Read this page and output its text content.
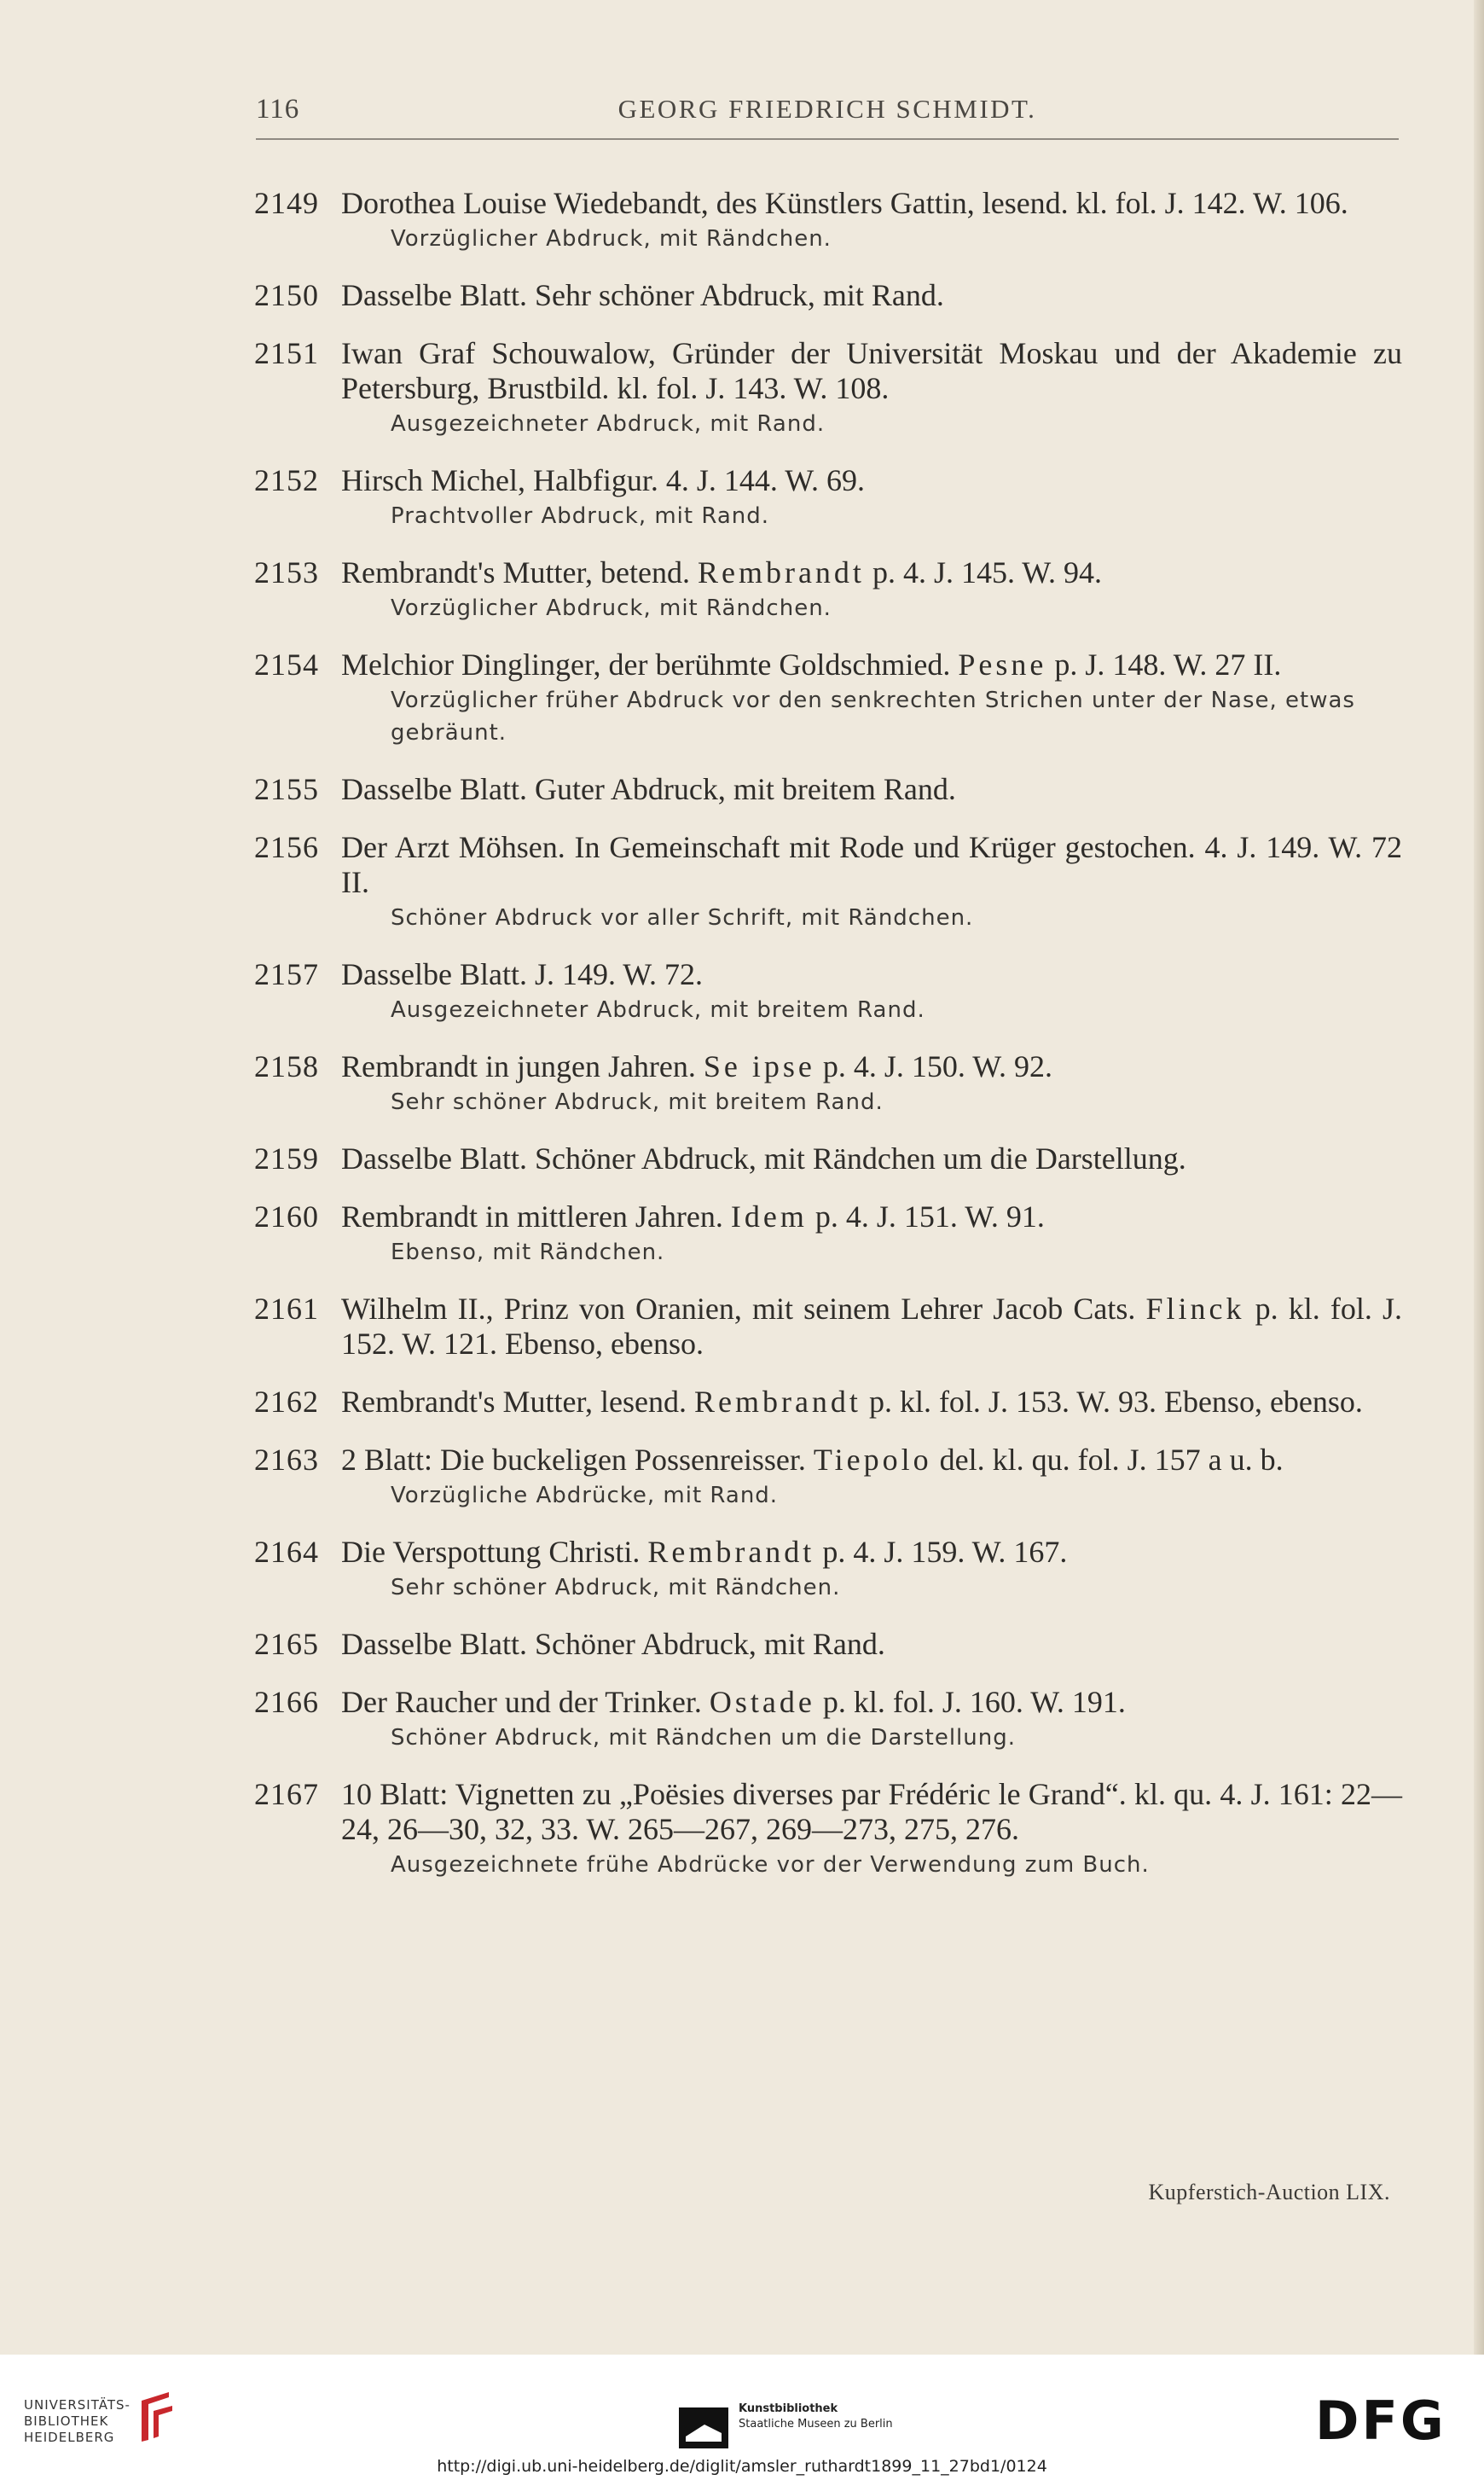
116	GEORG FRIEDRICH SCHMIDT.
2149 Dorothea Louise Wiedebandt, des Künstlers Gattin, lesend. kl. fol. J. 142. W. 106.

Vorzüglicher Abdruck, mit Rändchen.
2150 Dasselbe Blatt. Sehr schöner Abdruck, mit Rand.

2151 Iwan Graf Schouwalow, Gründer der Universität Moskau und der Akademie zu Petersburg, Brustbild. kl. fol. J. 143. W. 108.

Ausgezeichneter Abdruck, mit Rand.
2152 Hirsch Michel, Halbfigur. 4. J. 144. W. 69.

Prachtvoller Abdruck, mit Rand.
2153 Rembrandt's Mutter, betend. Rembrandt p. 4. J. 145. W. 94.

Vorzüglicher Abdruck, mit Rändchen.
2154 Melchior Dinglinger, der berühmte Goldschmied. Pesne p. J. 148. W. 27 II.

Vorzüglicher früher Abdruck vor den senkrechten Strichen unter der Nase, etwas gebräunt.
2155 Dasselbe Blatt. Guter Abdruck, mit breitem Rand.

2156 Der Arzt Möhsen. In Gemeinschaft mit Rode und Krüger gestochen. 4. J. 149. W. 72 II.

Schöner Abdruck vor aller Schrift, mit Rändchen.
2157 Dasselbe Blatt. J. 149. W. 72.

Ausgezeichneter Abdruck, mit breitem Rand.
2158 Rembrandt in jungen Jahren. Se ipse p. 4. J. 150. W. 92.

Sehr schöner Abdruck, mit breitem Rand.
2159 Dasselbe Blatt. Schöner Abdruck, mit Rändchen um die Darstellung.

2160 Rembrandt in mittleren Jahren. Idem p. 4. J. 151. W. 91.

Ebenso, mit Rändchen.
2161 Wilhelm II., Prinz von Oranien, mit seinem Lehrer Jacob Cats. Flinck p. kl. fol. J. 152. W. 121. Ebenso, ebenso.

2162 Rembrandt's Mutter, lesend. Rembrandt p. kl. fol. J. 153. W. 93. Ebenso, ebenso.

2163 2 Blatt: Die buckeligen Possenreisser. Tiepolo del. kl. qu. fol. J. 157 a u. b.

Vorzügliche Abdrücke, mit Rand.
2164 Die Verspottung Christi. Rembrandt p. 4. J. 159. W. 167.

Sehr schöner Abdruck, mit Rändchen.
2165 Dasselbe Blatt. Schöner Abdruck, mit Rand.

2166 Der Raucher und der Trinker. Ostade p. kl. fol. J. 160. W. 191.

Schöner Abdruck, mit Rändchen um die Darstellung.
2167 10 Blatt: Vignetten zu „Poësies diverses par Frédéric le Grand“. kl. qu. 4. J. 161: 22—24, 26—30, 32, 33. W. 265—267, 269—273, 275, 276.

Ausgezeichnete frühe Abdrücke vor der Verwendung zum Buch.
Kupferstich-Auction LIX.
UNIVERSITÄTS-
BIBLIOTHEK
HEIDELBERG
Kunstbibliothek
Staatliche Museen zu Berlin	DFG
http://digi.ub.uni-heidelberg.de/diglit/amsler_ruthardt1899_11_27bd1/0124
